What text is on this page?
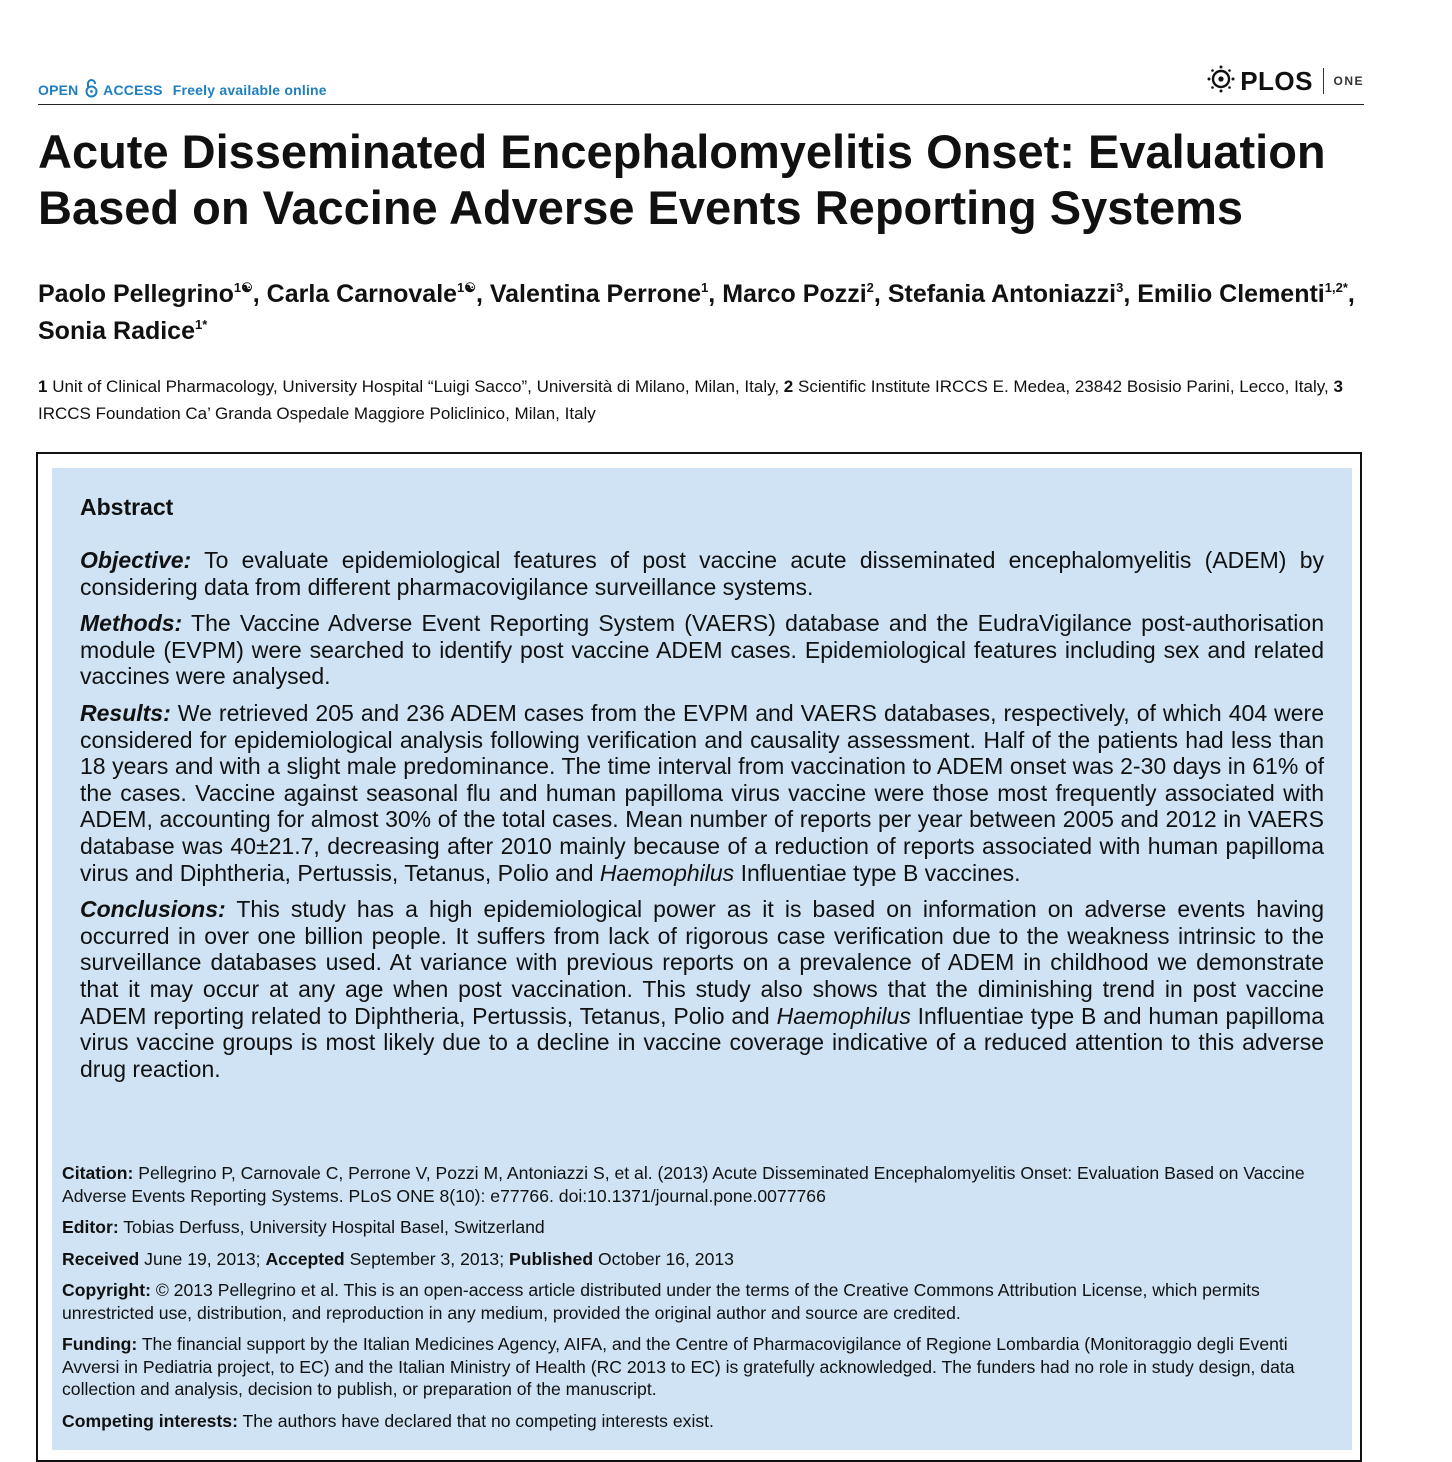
OPEN ACCESS Freely available online	PLOS ONE
Acute Disseminated Encephalomyelitis Onset: Evaluation Based on Vaccine Adverse Events Reporting Systems

Paolo Pellegrino$^{1☯}$, Carla Carnovale$^{1☯}$, Valentina Perrone$^1$, Marco Pozzi$^2$, Stefania Antoniazzi$^3$, Emilio Clementi$^{1,2*}$, Sonia Radice$^{1*}$

1 Unit of Clinical Pharmacology, University Hospital “Luigi Sacco”, Università di Milano, Milan, Italy, 2 Scientific Institute IRCCS E. Medea, 23842 Bosisio Parini, Lecco, Italy, 3 IRCCS Foundation Ca’ Granda Ospedale Maggiore Policlinico, Milan, Italy

Abstract

Objective: To evaluate epidemiological features of post vaccine acute disseminated encephalomyelitis (ADEM) by considering data from different pharmacovigilance surveillance systems.

Methods: The Vaccine Adverse Event Reporting System (VAERS) database and the EudraVigilance post-authorisation module (EVPM) were searched to identify post vaccine ADEM cases. Epidemiological features including sex and related vaccines were analysed.

Results: We retrieved 205 and 236 ADEM cases from the EVPM and VAERS databases, respectively, of which 404 were considered for epidemiological analysis following verification and causality assessment. Half of the patients had less than 18 years and with a slight male predominance. The time interval from vaccination to ADEM onset was 2-30 days in 61% of the cases. Vaccine against seasonal flu and human papilloma virus vaccine were those most frequently associated with ADEM, accounting for almost 30% of the total cases. Mean number of reports per year between 2005 and 2012 in VAERS database was 40±21.7, decreasing after 2010 mainly because of a reduction of reports associated with human papilloma virus and Diphtheria, Pertussis, Tetanus, Polio and Haemophilus Influentiae type B vaccines.

Conclusions: This study has a high epidemiological power as it is based on information on adverse events having occurred in over one billion people. It suffers from lack of rigorous case verification due to the weakness intrinsic to the surveillance databases used. At variance with previous reports on a prevalence of ADEM in childhood we demonstrate that it may occur at any age when post vaccination. This study also shows that the diminishing trend in post vaccine ADEM reporting related to Diphtheria, Pertussis, Tetanus, Polio and Haemophilus Influentiae type B and human papilloma virus vaccine groups is most likely due to a decline in vaccine coverage indicative of a reduced attention to this adverse drug reaction.

Citation: Pellegrino P, Carnovale C, Perrone V, Pozzi M, Antoniazzi S, et al. (2013) Acute Disseminated Encephalomyelitis Onset: Evaluation Based on Vaccine Adverse Events Reporting Systems. PLoS ONE 8(10): e77766. doi:10.1371/journal.pone.0077766

Editor: Tobias Derfuss, University Hospital Basel, Switzerland

Received June 19, 2013; Accepted September 3, 2013; Published October 16, 2013

Copyright: © 2013 Pellegrino et al. This is an open-access article distributed under the terms of the Creative Commons Attribution License, which permits unrestricted use, distribution, and reproduction in any medium, provided the original author and source are credited.

Funding: The financial support by the Italian Medicines Agency, AIFA, and the Centre of Pharmacovigilance of Regione Lombardia (Monitoraggio degli Eventi Avversi in Pediatria project, to EC) and the Italian Ministry of Health (RC 2013 to EC) is gratefully acknowledged. The funders had no role in study design, data collection and analysis, decision to publish, or preparation of the manuscript.

Competing interests: The authors have declared that no competing interests exist.
